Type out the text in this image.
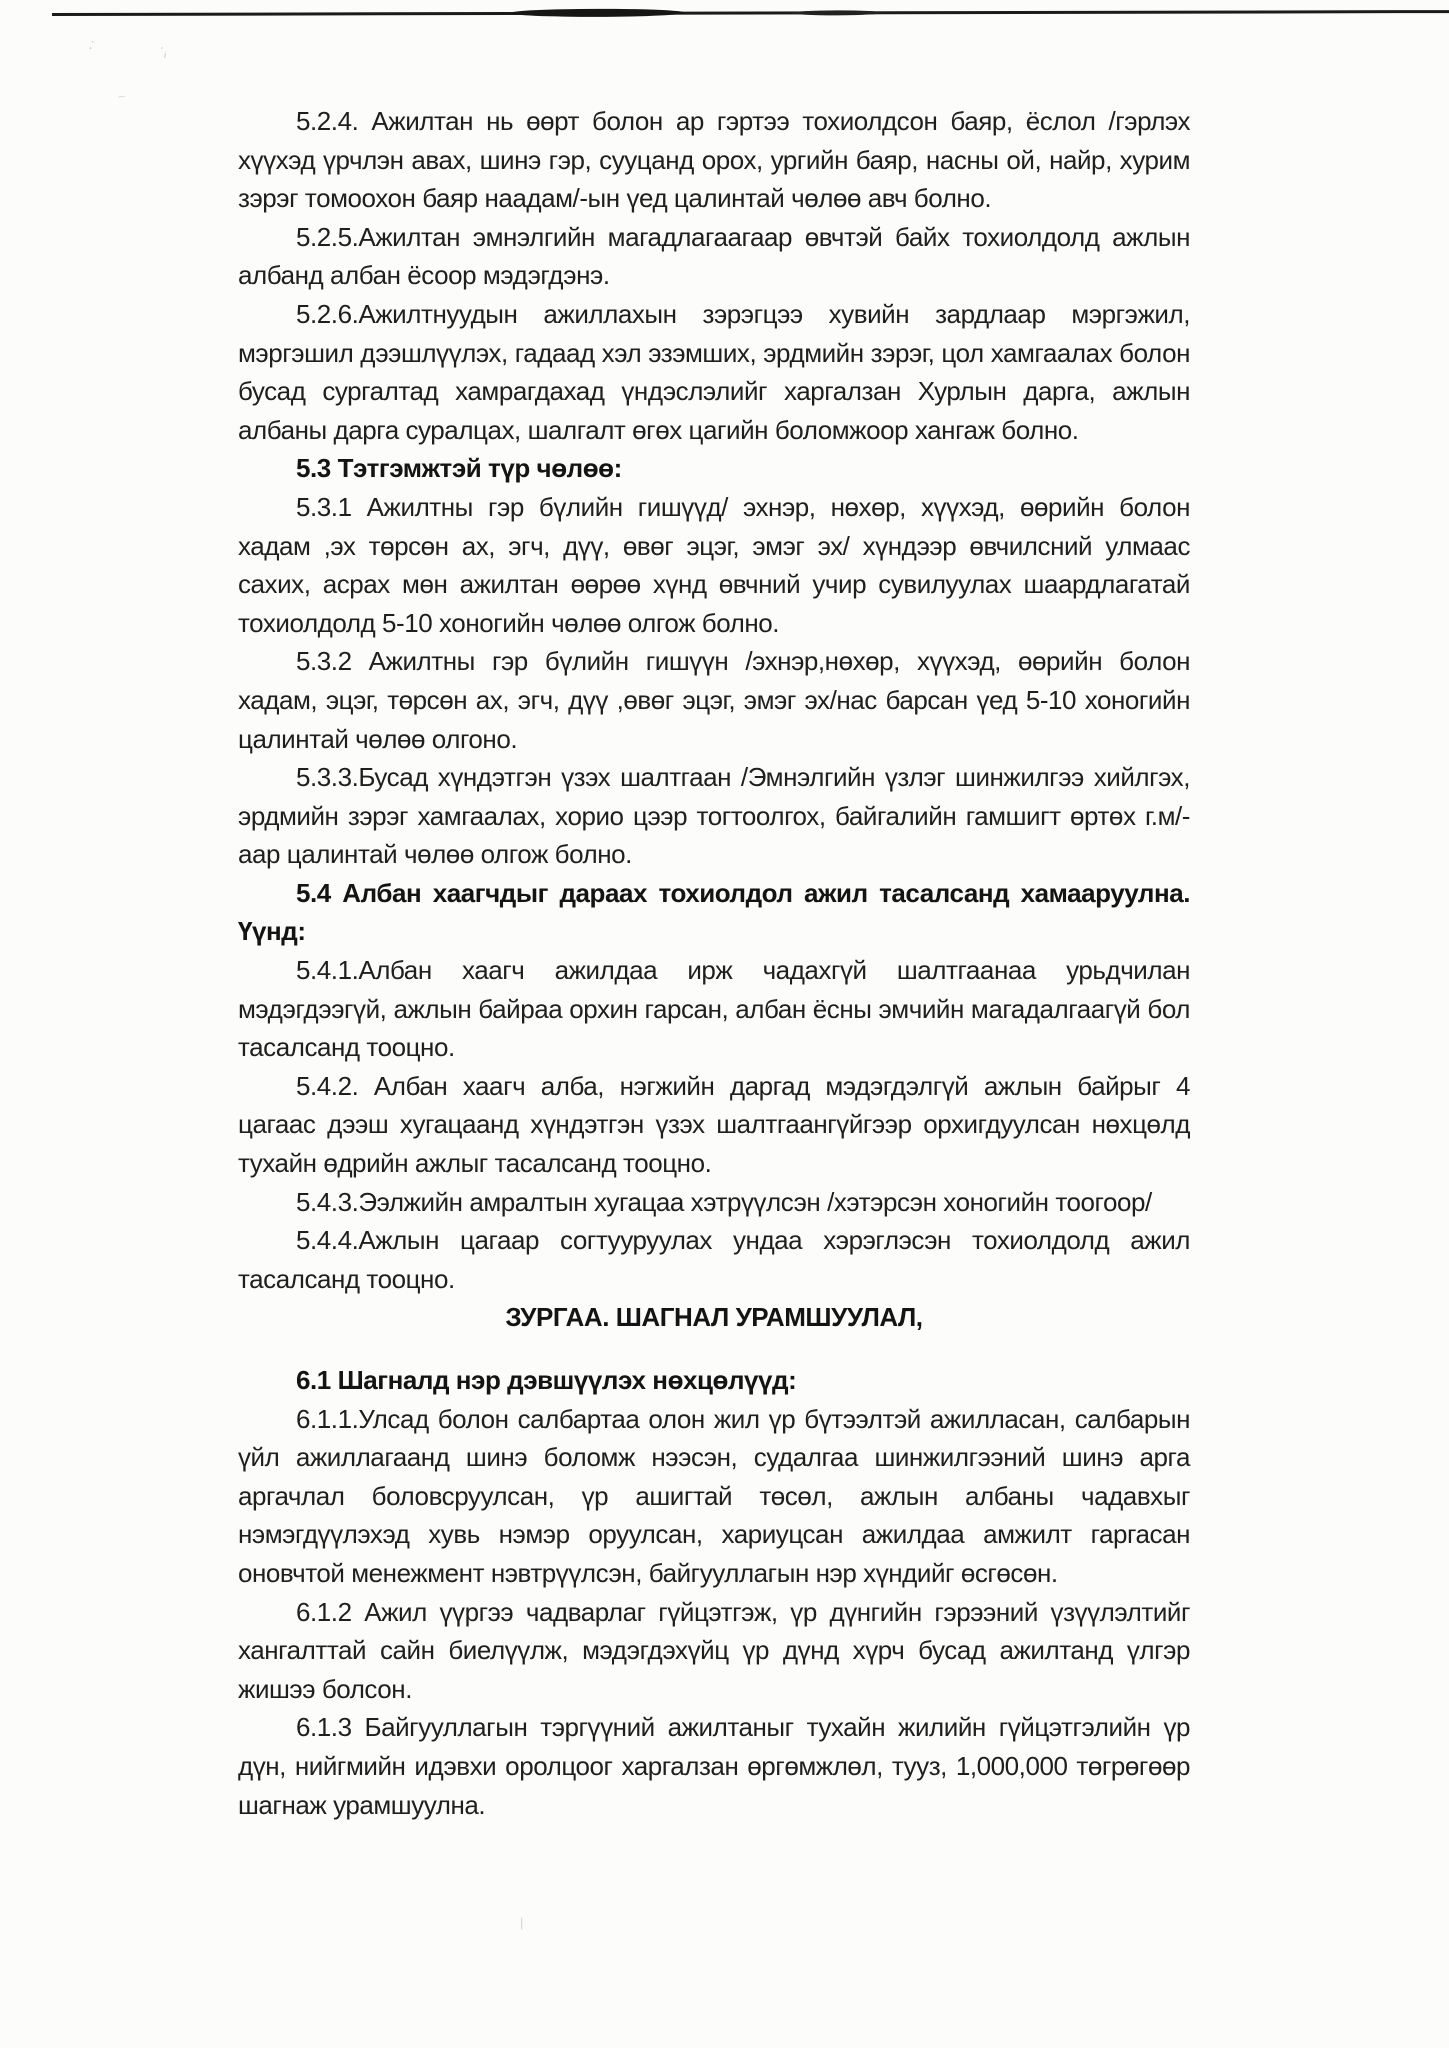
·˙	˙ᵢ
~
|

5.2.4. Ажилтан нь өөрт болон ар гэртээ тохиолдсон баяр, ёслол /гэрлэх хүүхэд үрчлэн авах, шинэ гэр, сууцанд орох, ургийн баяр, насны ой, найр, хурим зэрэг томоохон баяр наадам/-ын үед цалинтай чөлөө авч болно.

5.2.5.Ажилтан эмнэлгийн магадлагаагаар өвчтэй байх тохиолдолд ажлын албанд албан ёсоор мэдэгдэнэ.

5.2.6.Ажилтнуудын ажиллахын зэрэгцээ хувийн зардлаар мэргэжил, мэргэшил дээшлүүлэх, гадаад хэл эзэмших, эрдмийн зэрэг, цол хамгаалах болон бусад сургалтад хамрагдахад үндэслэлийг харгалзан Хурлын дарга, ажлын албаны дарга суралцах, шалгалт өгөх цагийн боломжоор хангаж болно.

5.3 Тэтгэмжтэй түр чөлөө:

5.3.1 Ажилтны гэр бүлийн гишүүд/ эхнэр, нөхөр, хүүхэд, өөрийн болон хадам ,эх төрсөн ах, эгч, дүү, өвөг эцэг, эмэг эх/ хүндээр өвчилсний улмаас сахих, асрах мөн ажилтан өөрөө хүнд өвчний учир сувилуулах шаардлагатай тохиолдолд 5-10 хоногийн чөлөө олгож болно.

5.3.2 Ажилтны гэр бүлийн гишүүн /эхнэр,нөхөр, хүүхэд, өөрийн болон хадам, эцэг, төрсөн ах, эгч, дүү ,өвөг эцэг, эмэг эх/нас барсан үед 5-10 хоногийн цалинтай чөлөө олгоно.

5.3.3.Бусад хүндэтгэн үзэх шалтгаан /Эмнэлгийн үзлэг шинжилгээ хийлгэх, эрдмийн зэрэг хамгаалах, хорио цээр тогтоолгох, байгалийн гамшигт өртөх г.м/-аар цалинтай чөлөө олгож болно.

5.4 Албан хаагчдыг дараах тохиолдол ажил тасалсанд хамааруулна. Үүнд:

5.4.1.Албан хаагч ажилдаа ирж чадахгүй шалтгаанаа урьдчилан мэдэгдээгүй, ажлын байраа орхин гарсан, албан ёсны эмчийн магадалгаагүй бол тасалсанд тооцно.

5.4.2. Албан хаагч алба, нэгжийн даргад мэдэгдэлгүй ажлын байрыг 4 цагаас дээш хугацаанд хүндэтгэн үзэх шалтгаангүйгээр орхигдуулсан нөхцөлд тухайн өдрийн ажлыг тасалсанд тооцно.

5.4.3.Ээлжийн амралтын хугацаа хэтрүүлсэн /хэтэрсэн хоногийн тоогоор/

5.4.4.Ажлын цагаар согтууруулах ундаа хэрэглэсэн тохиолдолд ажил тасалсанд тооцно.

ЗУРГАА. ШАГНАЛ УРАМШУУЛАЛ,

6.1 Шагналд нэр дэвшүүлэх нөхцөлүүд:

6.1.1.Улсад болон салбартаа олон жил үр бүтээлтэй ажилласан, салбарын үйл ажиллагаанд шинэ боломж нээсэн, судалгаа шинжилгээний шинэ арга аргачлал боловсруулсан, үр ашигтай төсөл, ажлын албаны чадавхыг нэмэгдүүлэхэд хувь нэмэр оруулсан, хариуцсан ажилдаа амжилт гаргасан оновчтой менежмент нэвтрүүлсэн, байгууллагын нэр хүндийг өсгөсөн.

6.1.2 Ажил үүргээ чадварлаг гүйцэтгэж, үр дүнгийн гэрээний үзүүлэлтийг хангалттай сайн биелүүлж, мэдэгдэхүйц үр дүнд хүрч бусад ажилтанд үлгэр жишээ болсон.

6.1.3 Байгууллагын тэргүүний ажилтаныг тухайн жилийн гүйцэтгэлийн үр дүн, нийгмийн идэвхи оролцоог харгалзан өргөмжлөл, тууз, 1,000,000 төгрөгөөр шагнаж урамшуулна.
